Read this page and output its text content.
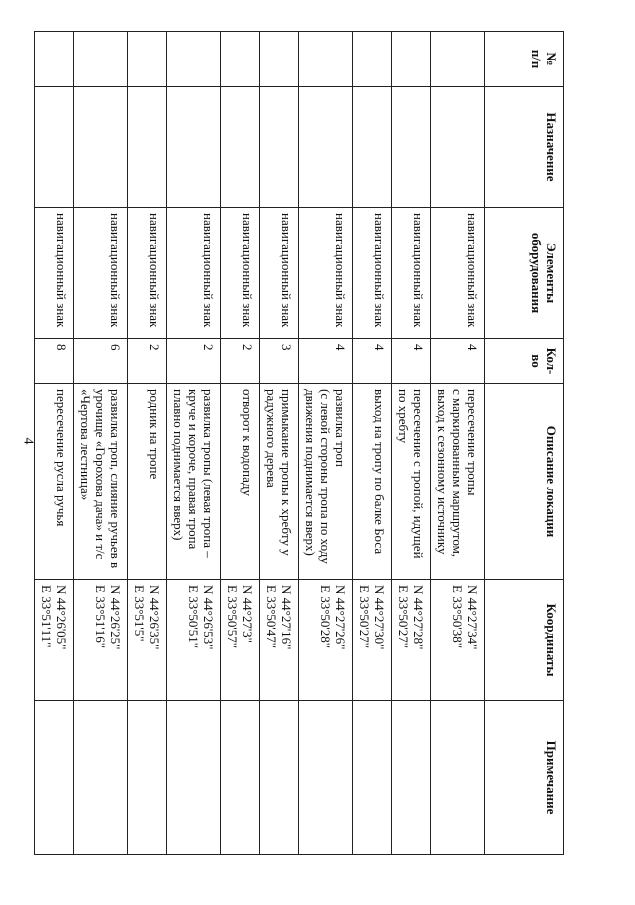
4
№
п/п	Назначение	Элементы
оборудования	Кол-
во	Описание локации	Координаты	Примечание
		навигационный знак	4	пересечение тропы
с маркированным маршрутом,
выход к сезонному источнику	N 44°27'34"
E 33°50'38"	
		навигационный знак	4	пересечение с тропой, идущей по хребту	N 44°27'28"
E 33°50'27"	
		навигационный знак	4	выход на тропу по балке Боса	N 44°27'30"
E 33°50'27"	
		навигационный знак	4	развилка троп
(с левой стороны тропа по ходу движения поднимается вверх)	N 44°27'26"
E 33°50'28"	
		навигационный знак	3	примыкание тропы к хребту у радужного дерева	N 44°27'16"
E 33°50'47"	
		навигационный знак	2	отворот к водопаду	N 44°27'3"
E 33°50'57"	
		навигационный знак	2	развилка тропы (левая тропа – круче и короче, правая тропа плавно поднимается вверх)	N 44°26'53"
E 33°50'51"	
		навигационный знак	2	родник на тропе	N 44°26'35"
E 33°51'5"	
		навигационный знак	6	развилка троп, слияние ручьев в урочище «Горохова дача» и т/с «Чертова лестница»	N 44°26'25"
E 33°51'16"	
		навигационный знак	8	пересечение русла ручья	N 44°26'05"
E 33°51'11"	
